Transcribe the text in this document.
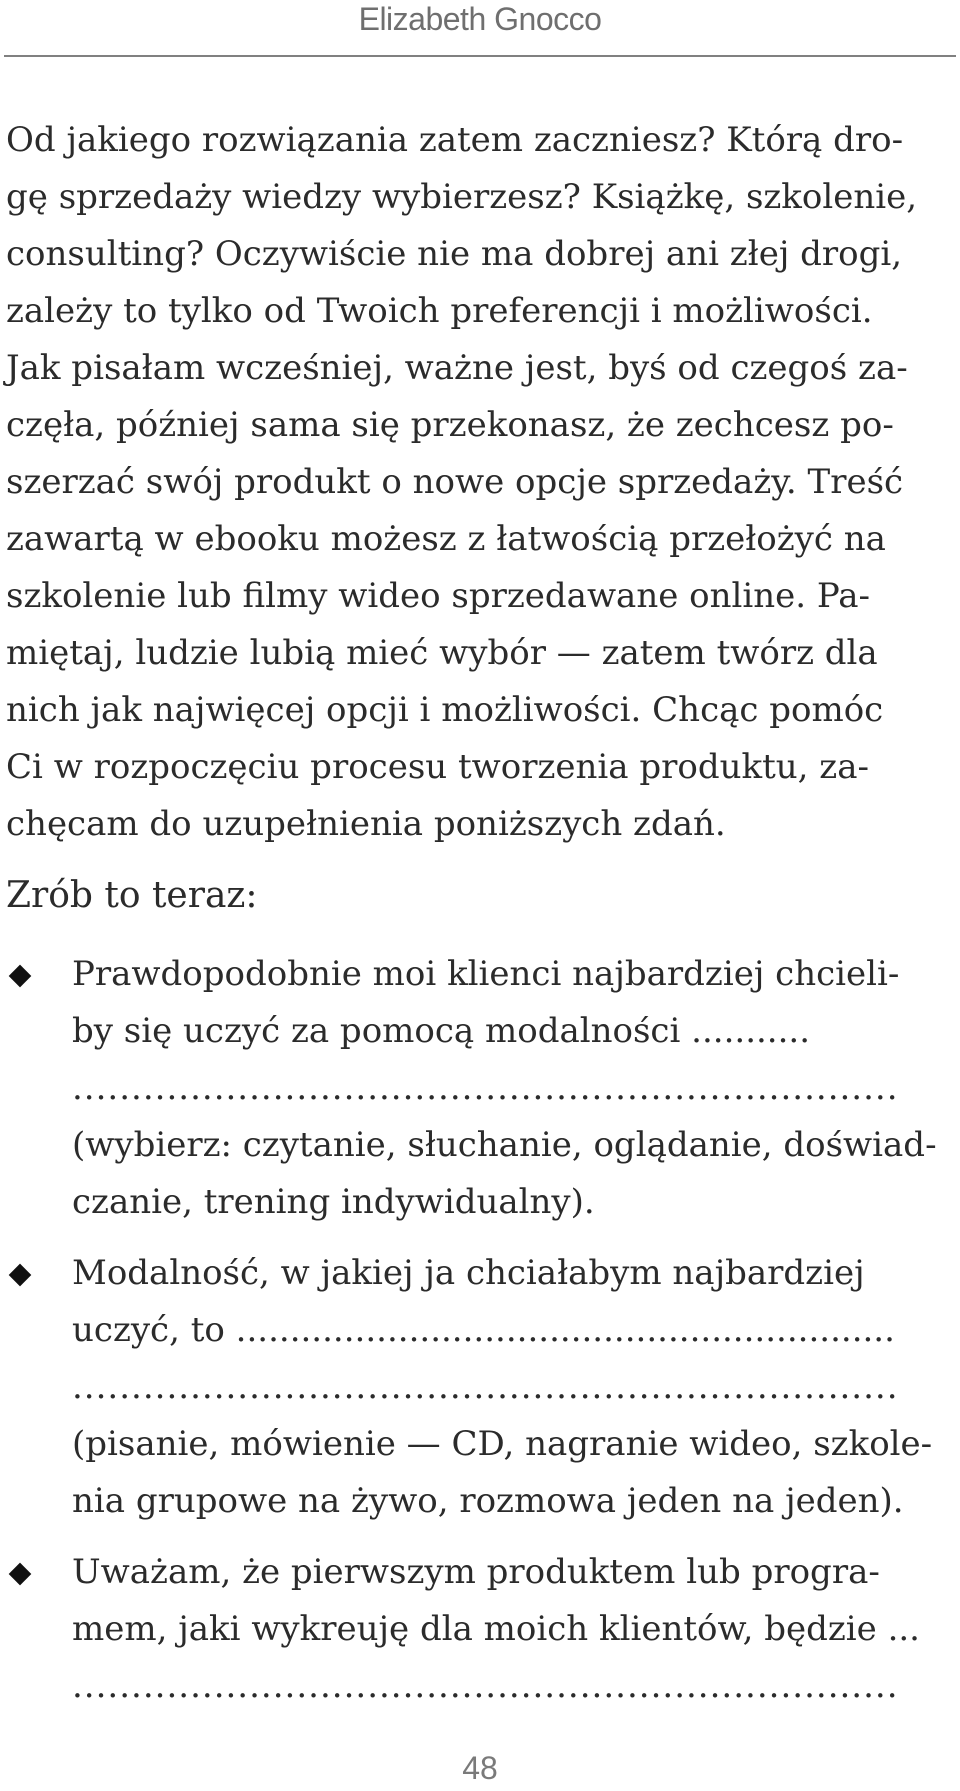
Elizabeth Gnocco
Od jakiego rozwiązania zatem zaczniesz? Którą dro-
gę sprzedaży wiedzy wybierzesz? Książkę, szkolenie,
consulting? Oczywiście nie ma dobrej ani złej drogi,
zależy to tylko od Twoich preferencji i możliwości.
Jak pisałam wcześniej, ważne jest, byś od czegoś za-
częła, później sama się przekonasz, że zechcesz po-
szerzać swój produkt o nowe opcje sprzedaży. Treść
zawartą w ebooku możesz z łatwością przełożyć na
szkolenie lub filmy wideo sprzedawane online. Pa-
miętaj, ludzie lubią mieć wybór — zatem twórz dla
nich jak najwięcej opcji i możliwości. Chcąc pomóc
Ci w rozpoczęciu procesu tworzenia produktu, za-
chęcam do uzupełnienia poniższych zdań.
Zrób to teraz:
Prawdopodobnie moi klienci najbardziej chcieli-
by się uczyć za pomocą modalności ...........
......................................................................
(wybierz: czytanie, słuchanie, oglądanie, doświad-
czanie, trening indywidualny).
Modalność, w jakiej ja chciałabym najbardziej
uczyć, to .............................................................
......................................................................
(pisanie, mówienie — CD, nagranie wideo, szkole-
nia grupowe na żywo, rozmowa jeden na jeden).
Uważam, że pierwszym produktem lub progra-
mem, jaki wykreuję dla moich klientów, będzie ...
......................................................................
48
